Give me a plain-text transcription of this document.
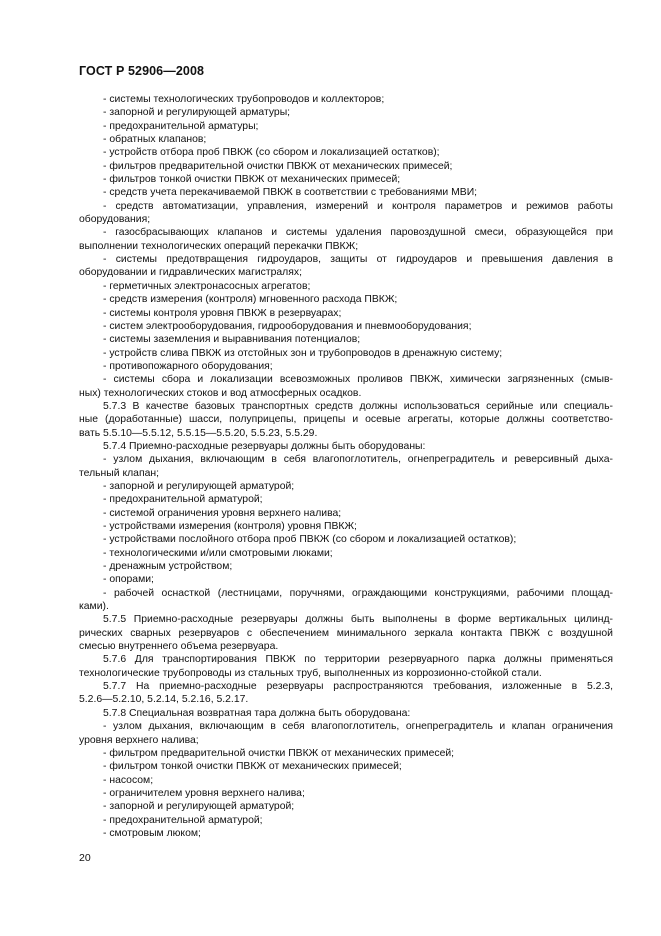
ГОСТ Р 52906—2008
- системы технологических трубопроводов и коллекторов;
- запорной и регулирующей арматуры;
- предохранительной арматуры;
- обратных клапанов;
- устройств отбора проб ПВКЖ (со сбором и локализацией остатков);
- фильтров предварительной очистки ПВКЖ от механических примесей;
- фильтров тонкой очистки ПВКЖ от механических примесей;
- средств учета перекачиваемой ПВКЖ в соответствии с требованиями МВИ;
- средств автоматизации, управления, измерений и контроля параметров и режимов работы
оборудования;
- газосбрасывающих клапанов и системы удаления паровоздушной смеси, образующейся при
выполнении технологических операций перекачки ПВКЖ;
- системы предотвращения гидроударов, защиты от гидроударов и превышения давления в
оборудовании и гидравлических магистралях;
- герметичных электронасосных агрегатов;
- средств измерения (контроля) мгновенного расхода ПВКЖ;
- системы контроля уровня ПВКЖ в резервуарах;
- систем электрооборудования, гидрооборудования и пневмооборудования;
- системы заземления и выравнивания потенциалов;
- устройств слива ПВКЖ из отстойных зон и трубопроводов в дренажную систему;
- противопожарного оборудования;
- системы сбора и локализации всевозможных проливов ПВКЖ, химически загрязненных (смыв-
ных) технологических стоков и вод атмосферных осадков.
5.7.3 В качестве базовых транспортных средств должны использоваться серийные или специаль-
ные (доработанные) шасси, полуприцепы, прицепы и осевые агрегаты, которые должны соответство-
вать 5.5.10—5.5.12, 5.5.15—5.5.20, 5.5.23, 5.5.29.
5.7.4 Приемно-расходные резервуары должны быть оборудованы:
- узлом дыхания, включающим в себя влагопоглотитель, огнепреградитель и реверсивный дыха-
тельный клапан;
- запорной и регулирующей арматурой;
- предохранительной арматурой;
- системой ограничения уровня верхнего налива;
- устройствами измерения (контроля) уровня ПВКЖ;
- устройствами послойного отбора проб ПВКЖ (со сбором и локализацией остатков);
- технологическими и/или смотровыми люками;
- дренажным устройством;
- опорами;
- рабочей оснасткой (лестницами, поручнями, ограждающими конструкциями, рабочими площад-
ками).
5.7.5 Приемно-расходные резервуары должны быть выполнены в форме вертикальных цилинд-
рических сварных резервуаров с обеспечением минимального зеркала контакта ПВКЖ с воздушной
смесью внутреннего объема резервуара.
5.7.6 Для транспортирования ПВКЖ по территории резервуарного парка должны применяться
технологические трубопроводы из стальных труб, выполненных из коррозионно-стойкой стали.
5.7.7 На приемно-расходные резервуары распространяются требования, изложенные в 5.2.3,
5.2.6—5.2.10, 5.2.14, 5.2.16, 5.2.17.
5.7.8 Специальная возвратная тара должна быть оборудована:
- узлом дыхания, включающим в себя влагопоглотитель, огнепреградитель и клапан ограничения
уровня верхнего налива;
- фильтром предварительной очистки ПВКЖ от механических примесей;
- фильтром тонкой очистки ПВКЖ от механических примесей;
- насосом;
- ограничителем уровня верхнего налива;
- запорной и регулирующей арматурой;
- предохранительной арматурой;
- смотровым люком;
20
